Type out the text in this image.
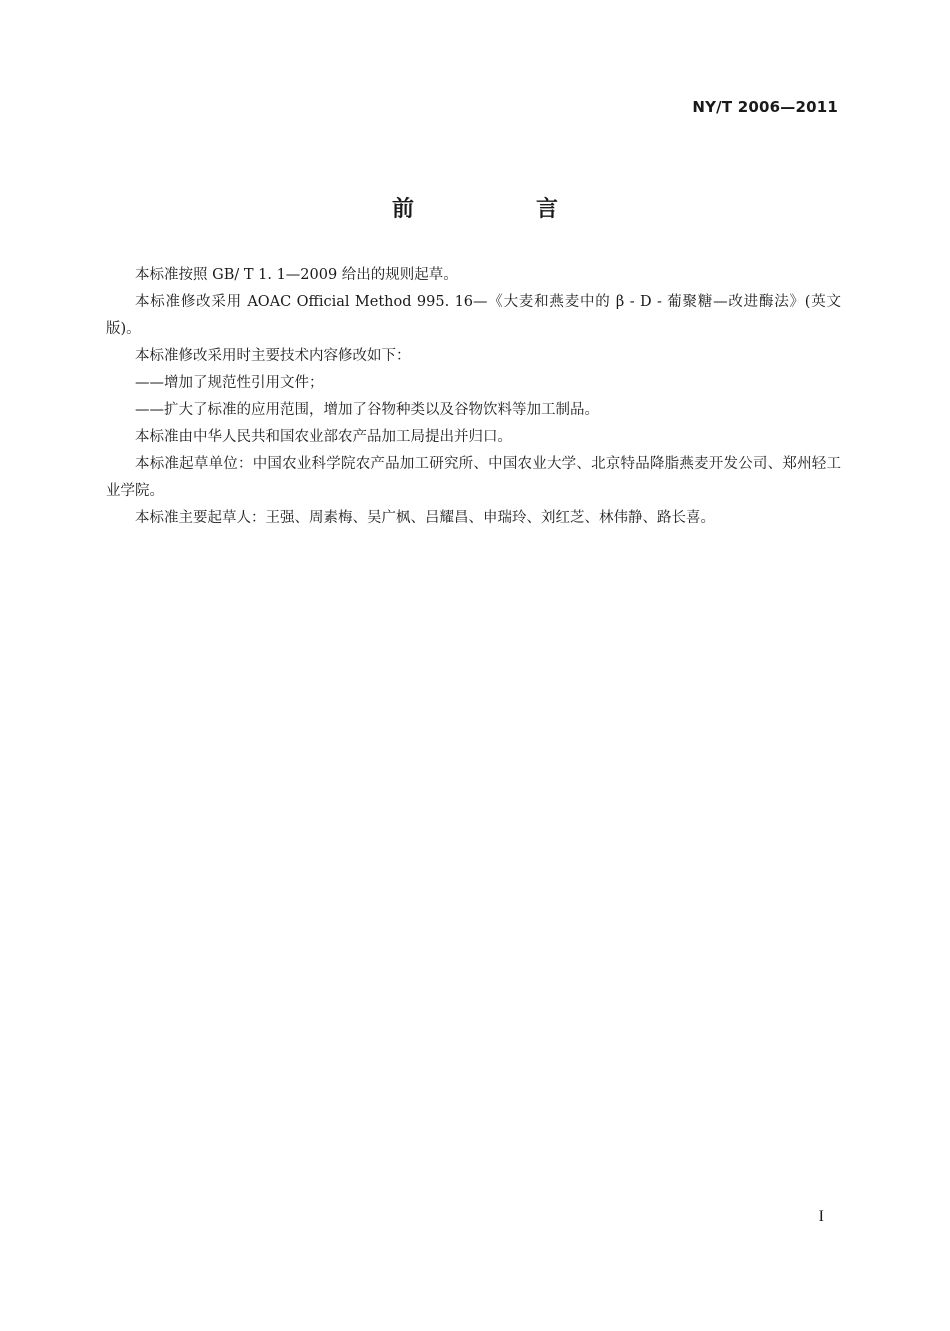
NY/T 2006—2011
前　言

本标准按照 GB/ T 1. 1—2009 给出的规则起草。

本标准修改采用 AOAC Official Method 995. 16—《大麦和燕麦中的 β - D - 葡聚糖—改进酶法》(英文版)。

本标准修改采用时主要技术内容修改如下：

——增加了规范性引用文件；

——扩大了标准的应用范围，增加了谷物种类以及谷物饮料等加工制品。

本标准由中华人民共和国农业部农产品加工局提出并归口。

本标准起草单位：中国农业科学院农产品加工研究所、中国农业大学、北京特品降脂燕麦开发公司、郑州轻工业学院。

本标准主要起草人：王强、周素梅、吴广枫、吕耀昌、申瑞玲、刘红芝、林伟静、路长喜。

I
